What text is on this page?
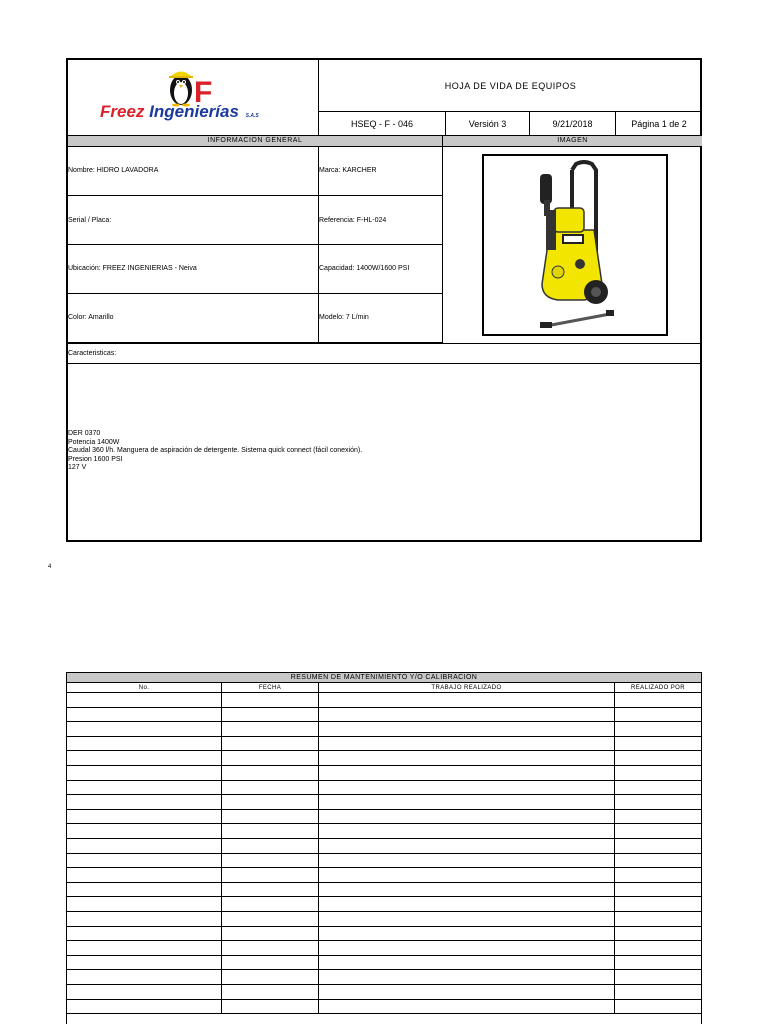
F
Freez Ingenierías S.A.S
HOJA DE VIDA DE EQUIPOS
HSEQ - F - 046	Versión 3	9/21/2018	Página 1 de 2
INFORMACION GENERAL	IMAGEN
Nombre: HIDRO LAVADORA	Marca: KARCHER
Serial / Placa:	Referencia: F-HL-024
Ubicación: FREEZ INGENIERIAS - Neiva	Capacidad: 1400W/1600 PSI
Color: Amarillo	Modelo: 7 L/min
Caracteristicas:
DER 0370
Potencia 1400W
Caudal 360 l/h. Manguera de aspiración de detergente. Sistema quick connect (fácil conexión).
Presion 1600 PSI
127 V
4
RESUMEN DE MANTENIMIENTO Y/O CALIBRACION
No.	FECHA	TRABAJO REALIZADO	REALIZADO POR
